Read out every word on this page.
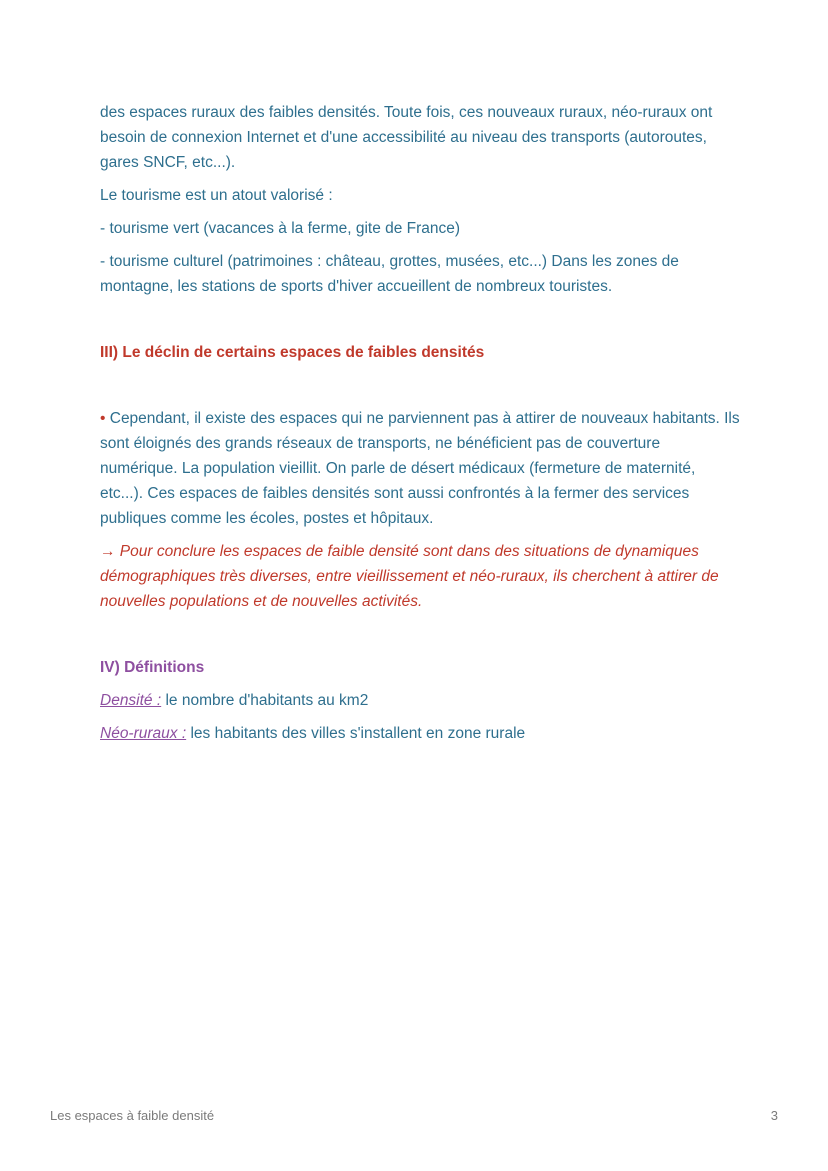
des espaces ruraux des faibles densités. Toute fois, ces nouveaux ruraux, néo-ruraux ont besoin de connexion Internet et d'une accessibilité au niveau des transports (autoroutes, gares SNCF, etc...).

Le tourisme est un atout valorisé :

- tourisme vert (vacances à la ferme, gite de France)

- tourisme culturel (patrimoines : château, grottes, musées, etc...) Dans les zones de montagne, les stations de sports d'hiver accueillent de nombreux touristes.

III) Le déclin de certains espaces de faibles densités

• Cependant, il existe des espaces qui ne parviennent pas à attirer de nouveaux habitants. Ils sont éloignés des grands réseaux de transports, ne bénéficient pas de couverture numérique. La population vieillit. On parle de désert médicaux (fermeture de maternité, etc...). Ces espaces de faibles densités sont aussi confrontés à la fermer des services publiques comme les écoles, postes et hôpitaux.

→ Pour conclure les espaces de faible densité sont dans des situations de dynamiques démographiques très diverses, entre vieillissement et néo-ruraux, ils cherchent à attirer de nouvelles populations et de nouvelles activités.

IV) Définitions

Densité : le nombre d'habitants au km2

Néo-ruraux : les habitants des villes s'installent en zone rurale

Les espaces à faible densité	3
